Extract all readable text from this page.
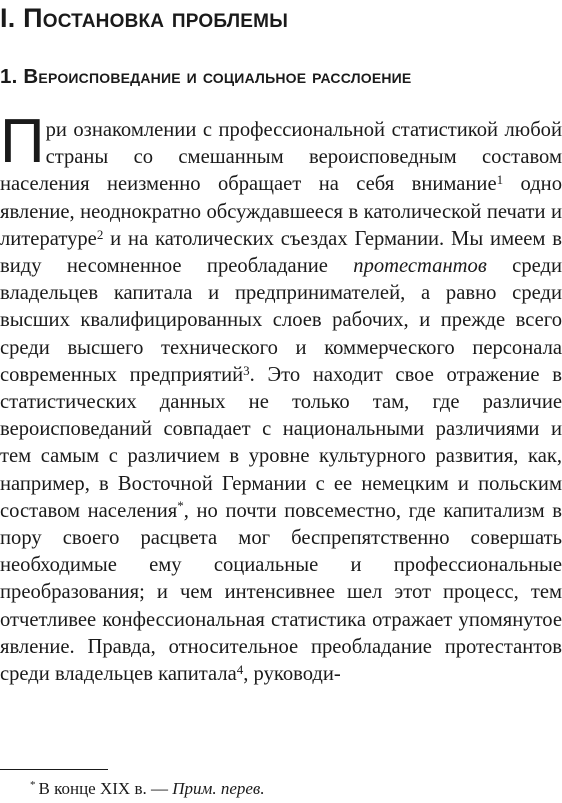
I. Постановка проблемы
1. Вероисповедание и социальное расслоение

При ознакомлении с профессиональной статистикой любой страны со смешанным вероисповедным составом населения неизменно обращает на себя внимание$^1$ одно явление, неоднократно обсуждавшееся в католической печати и литературе$^2$ и на католических съездах Германии. Мы имеем в виду несомненное преобладание протестантов среди владельцев капитала и предпринимателей, а равно среди высших квалифицированных слоев рабочих, и прежде всего среди высшего технического и коммерческого персонала современных предприятий$^3$. Это находит свое отражение в статистических данных не только там, где различие вероисповеданий совпадает с национальными различиями и тем самым с различием в уровне культурного развития, как, например, в Восточной Германии с ее немецким и польским составом населения*, но почти повсеместно, где капитализм в пору своего расцвета мог беспрепятственно совершать необходимые ему социальные и профессиональные преобразования; и чем интенсивнее шел этот процесс, тем отчетливее конфессиональная статистика отражает упомянутое явление. Правда, относительное преобладание протестантов среди владельцев капитала$^4$, руководи-

* В конце XIX в. — Прим. перев.
